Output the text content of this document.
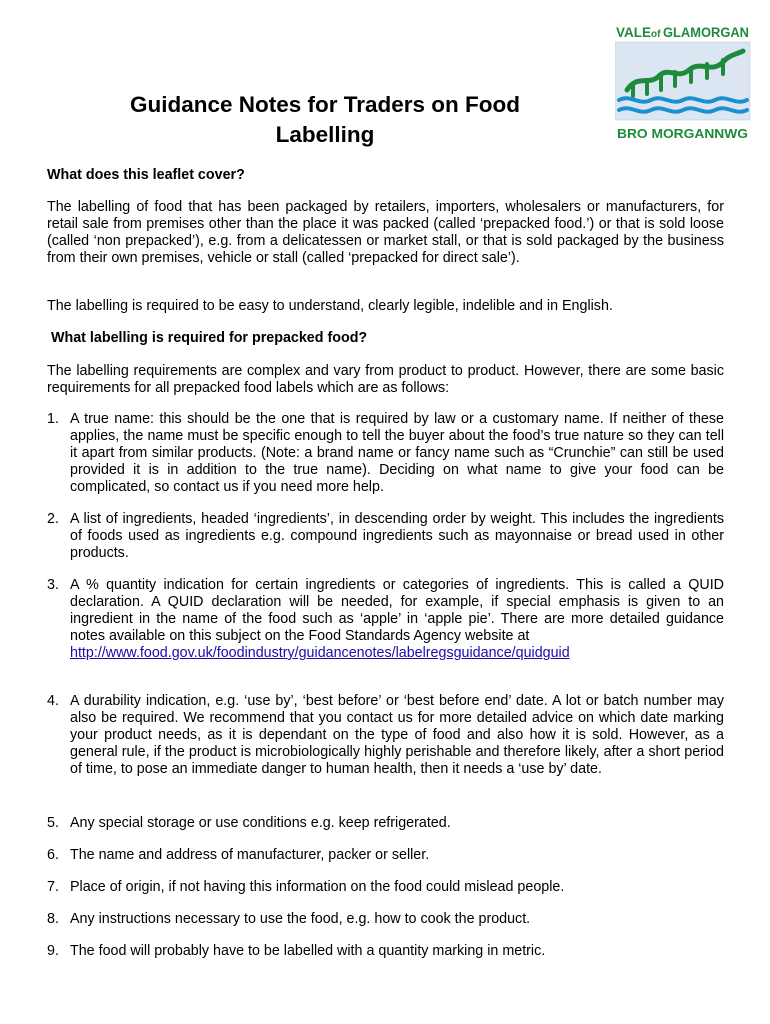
VALE of GLAMORGAN
BRO MORGANNWG
Guidance Notes for Traders on Food
Labelling
What does this leaflet cover?
The labelling of food that has been packaged by retailers, importers, wholesalers or manufacturers, for retail sale from premises other than the place it was packed (called ‘prepacked food.’) or that is sold loose (called ‘non prepacked’), e.g. from a delicatessen or market stall, or that is sold packaged by the business from their own premises, vehicle or stall (called ‘prepacked for direct sale’).
The labelling is required to be easy to understand, clearly legible, indelible and in English.
What labelling is required for prepacked food?
The labelling requirements are complex and vary from product to product. However, there are some basic requirements for all prepacked food labels which are as follows:
1. A true name: this should be the one that is required by law or a customary name. If neither of these applies, the name must be specific enough to tell the buyer about the food’s true nature so they can tell it apart from similar products. (Note: a brand name or fancy name such as “Crunchie” can still be used provided it is in addition to the true name). Deciding on what name to give your food can be complicated, so contact us if you need more help.
2. A list of ingredients, headed ‘ingredients’, in descending order by weight. This includes the ingredients of foods used as ingredients e.g. compound ingredients such as mayonnaise or bread used in other products.
3. A % quantity indication for certain ingredients or categories of ingredients. This is called a QUID declaration. A QUID declaration will be needed, for example, if special emphasis is given to an ingredient in the name of the food such as ‘apple’ in ‘apple pie’. There are more detailed guidance notes available on this subject on the Food Standards Agency website at
http://www.food.gov.uk/foodindustry/guidancenotes/labelregsguidance/quidguid
4. A durability indication, e.g. ‘use by’, ‘best before’ or ‘best before end’ date. A lot or batch number may also be required. We recommend that you contact us for more detailed advice on which date marking your product needs, as it is dependant on the type of food and also how it is sold. However, as a general rule, if the product is microbiologically highly perishable and therefore likely, after a short period of time, to pose an immediate danger to human health, then it needs a ‘use by’ date.
5. Any special storage or use conditions e.g. keep refrigerated.
6. The name and address of manufacturer, packer or seller.
7. Place of origin, if not having this information on the food could mislead people.
8. Any instructions necessary to use the food, e.g. how to cook the product.
9. The food will probably have to be labelled with a quantity marking in metric.
